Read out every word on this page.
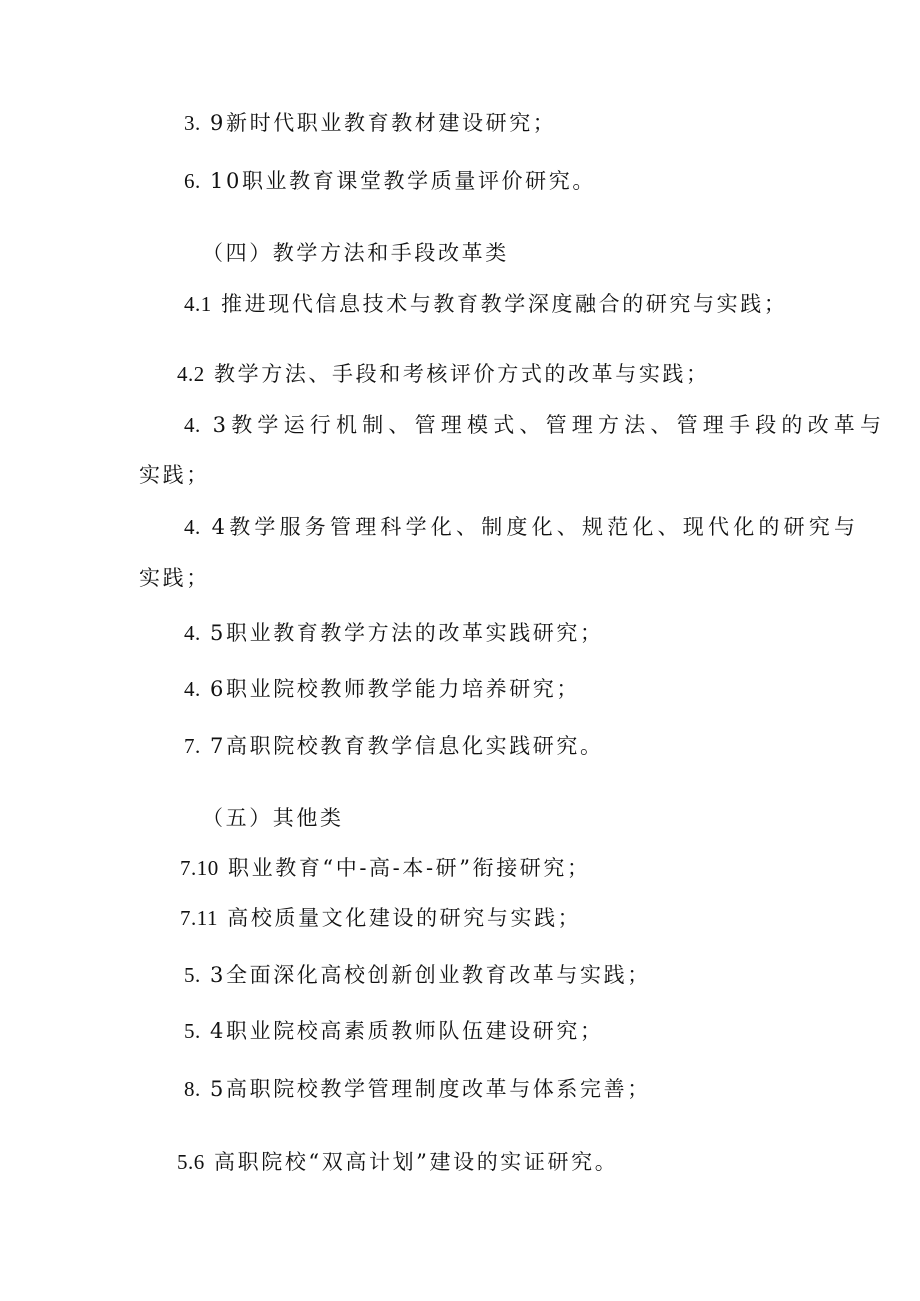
3. 9新时代职业教育教材建设研究；
6. 10职业教育课堂教学质量评价研究。
（四）教学方法和手段改革类
4.1 推进现代信息技术与教育教学深度融合的研究与实践；
4.2 教学方法、手段和考核评价方式的改革与实践；
4. 3教学运行机制、管理模式、管理方法、管理手段的改革与
实践；
4. 4教学服务管理科学化、制度化、规范化、现代化的研究与
实践；
4. 5职业教育教学方法的改革实践研究；
4. 6职业院校教师教学能力培养研究；
7. 7高职院校教育教学信息化实践研究。
（五）其他类
7.10 职业教育“中-高-本-研”衔接研究；
7.11 高校质量文化建设的研究与实践；
5. 3全面深化高校创新创业教育改革与实践；
5. 4职业院校高素质教师队伍建设研究；
8. 5高职院校教学管理制度改革与体系完善；
5.6 高职院校“双高计划”建设的实证研究。
